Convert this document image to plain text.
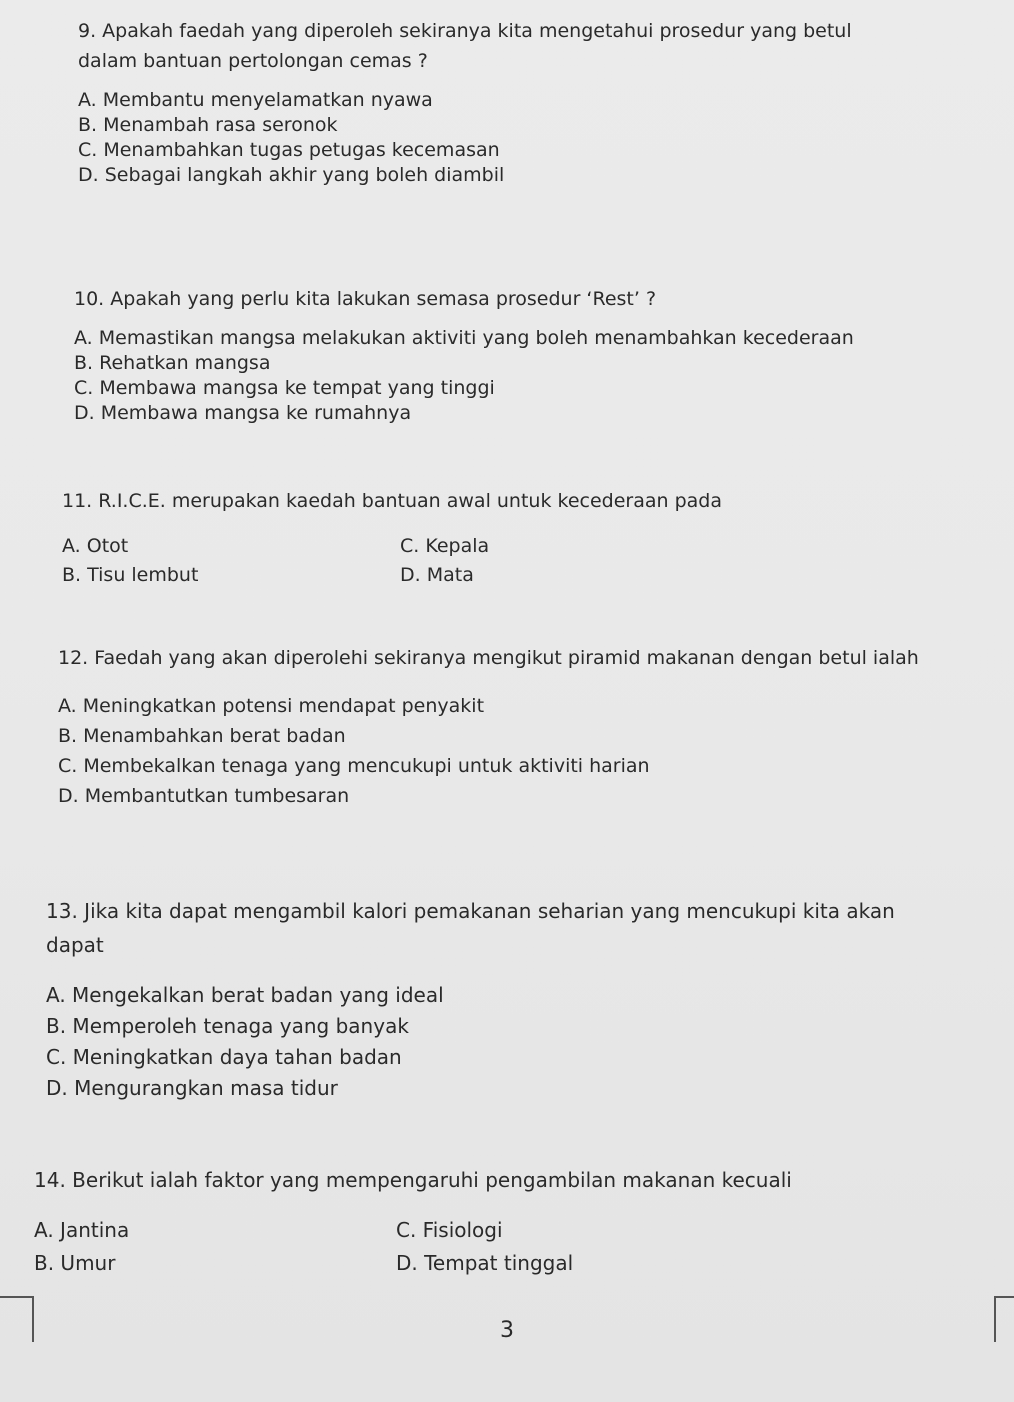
9. Apakah faedah yang diperoleh sekiranya kita mengetahui prosedur yang betul dalam bantuan pertolongan cemas ?

A. Membantu menyelamatkan nyawa
B. Menambah rasa seronok
C. Menambahkan tugas petugas kecemasan
D. Sebagai langkah akhir yang boleh diambil

10. Apakah yang perlu kita lakukan semasa prosedur ‘Rest’ ?

A. Memastikan mangsa melakukan aktiviti yang boleh menambahkan kecederaan
B. Rehatkan mangsa
C. Membawa mangsa ke tempat yang tinggi
D. Membawa mangsa ke rumahnya

11. R.I.C.E. merupakan kaedah bantuan awal untuk kecederaan pada

A. Otot	C. Kepala
B. Tisu lembut	D. Mata

12. Faedah yang akan diperolehi sekiranya mengikut piramid makanan dengan betul ialah

A. Meningkatkan potensi mendapat penyakit
B. Menambahkan berat badan
C. Membekalkan tenaga yang mencukupi untuk aktiviti harian
D. Membantutkan tumbesaran

13. Jika kita dapat mengambil kalori pemakanan seharian yang mencukupi kita akan dapat

A. Mengekalkan berat badan yang ideal
B. Memperoleh tenaga yang banyak
C. Meningkatkan daya tahan badan
D. Mengurangkan masa tidur

14. Berikut ialah faktor yang mempengaruhi pengambilan makanan kecuali

A. Jantina	C. Fisiologi
B. Umur	D. Tempat tinggal
3
